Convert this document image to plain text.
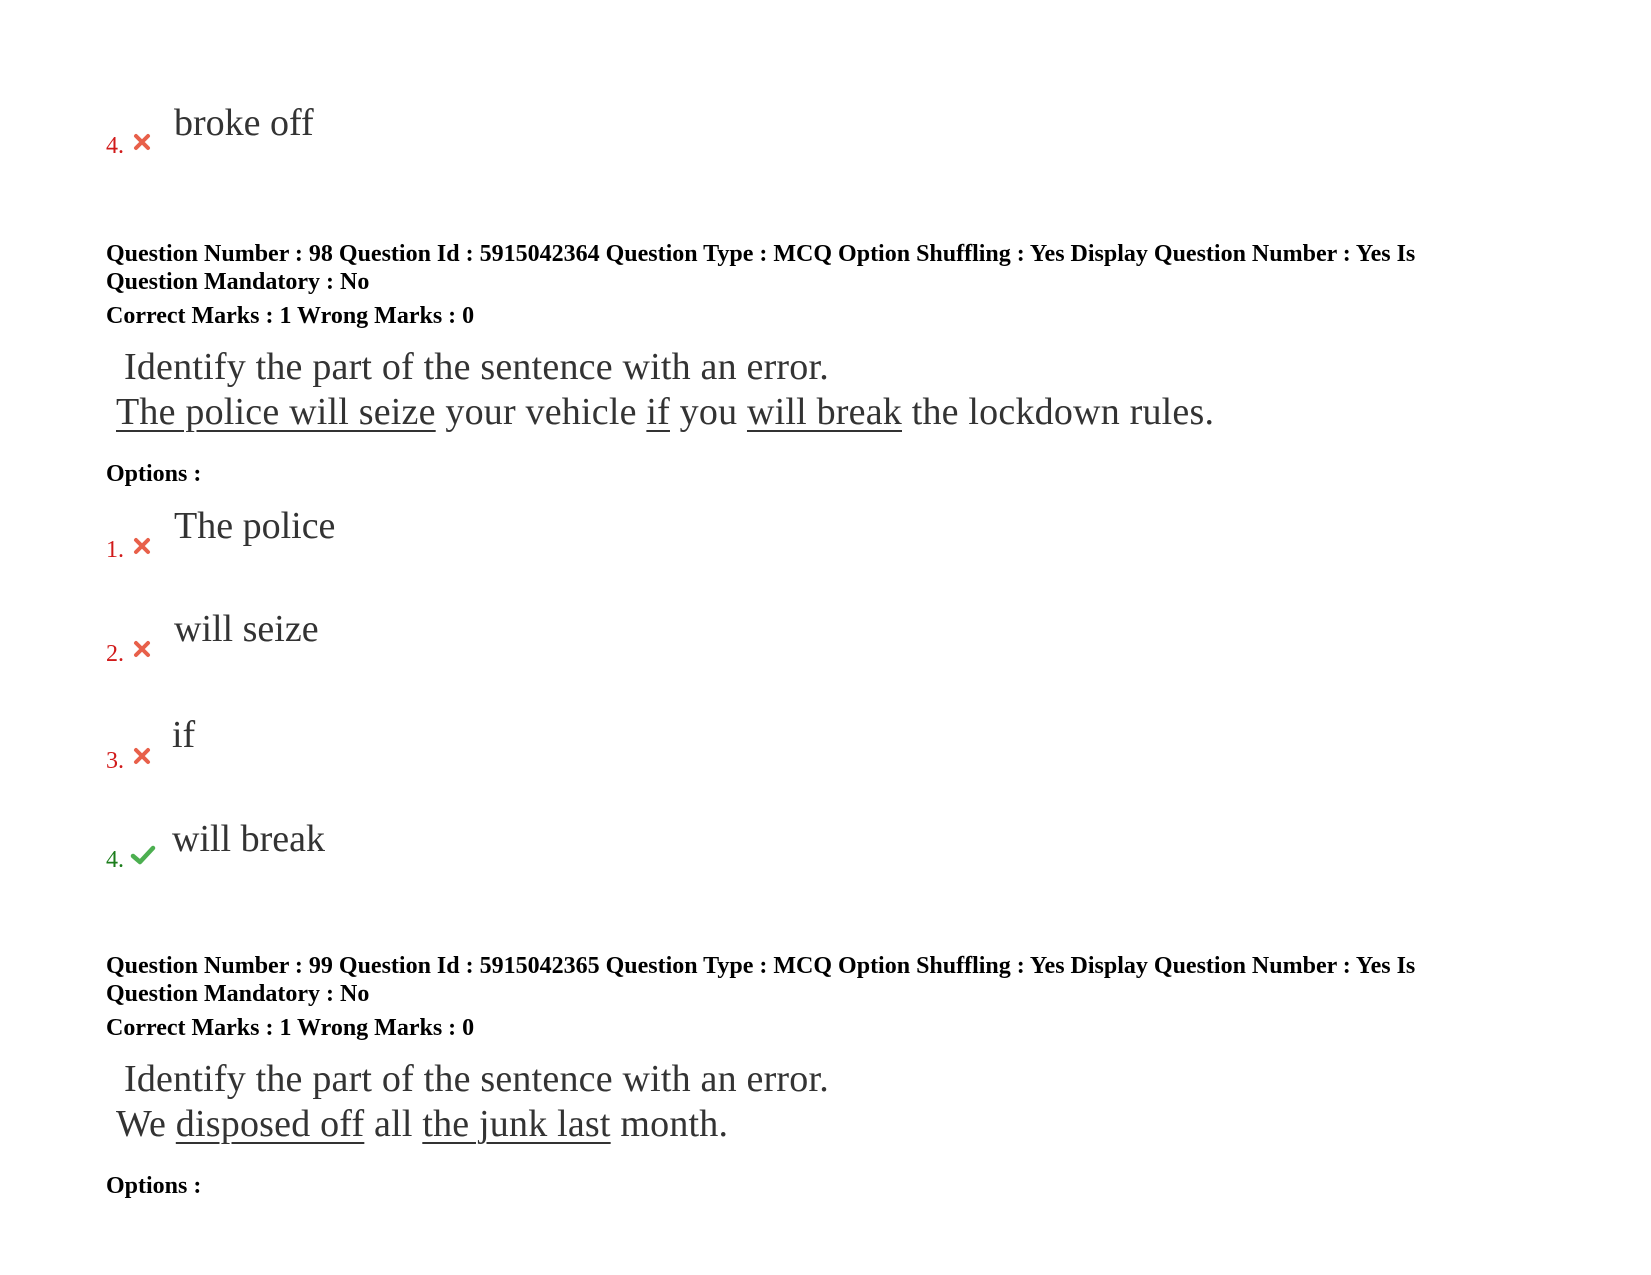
4.
broke off
Question Number : 98 Question Id : 5915042364 Question Type : MCQ Option Shuffling : Yes Display Question Number : Yes Is
Question Mandatory : No
Correct Marks : 1 Wrong Marks : 0
Identify the part of the sentence with an error.
The police will seize your vehicle if you will break the lockdown rules.
Options :
1.
The police
2.
will seize
3.
if
4. will break
Question Number : 99 Question Id : 5915042365 Question Type : MCQ Option Shuffling : Yes Display Question Number : Yes Is
Question Mandatory : No
Correct Marks : 1 Wrong Marks : 0
Identify the part of the sentence with an error.
We disposed off all the junk last month.
Options :
